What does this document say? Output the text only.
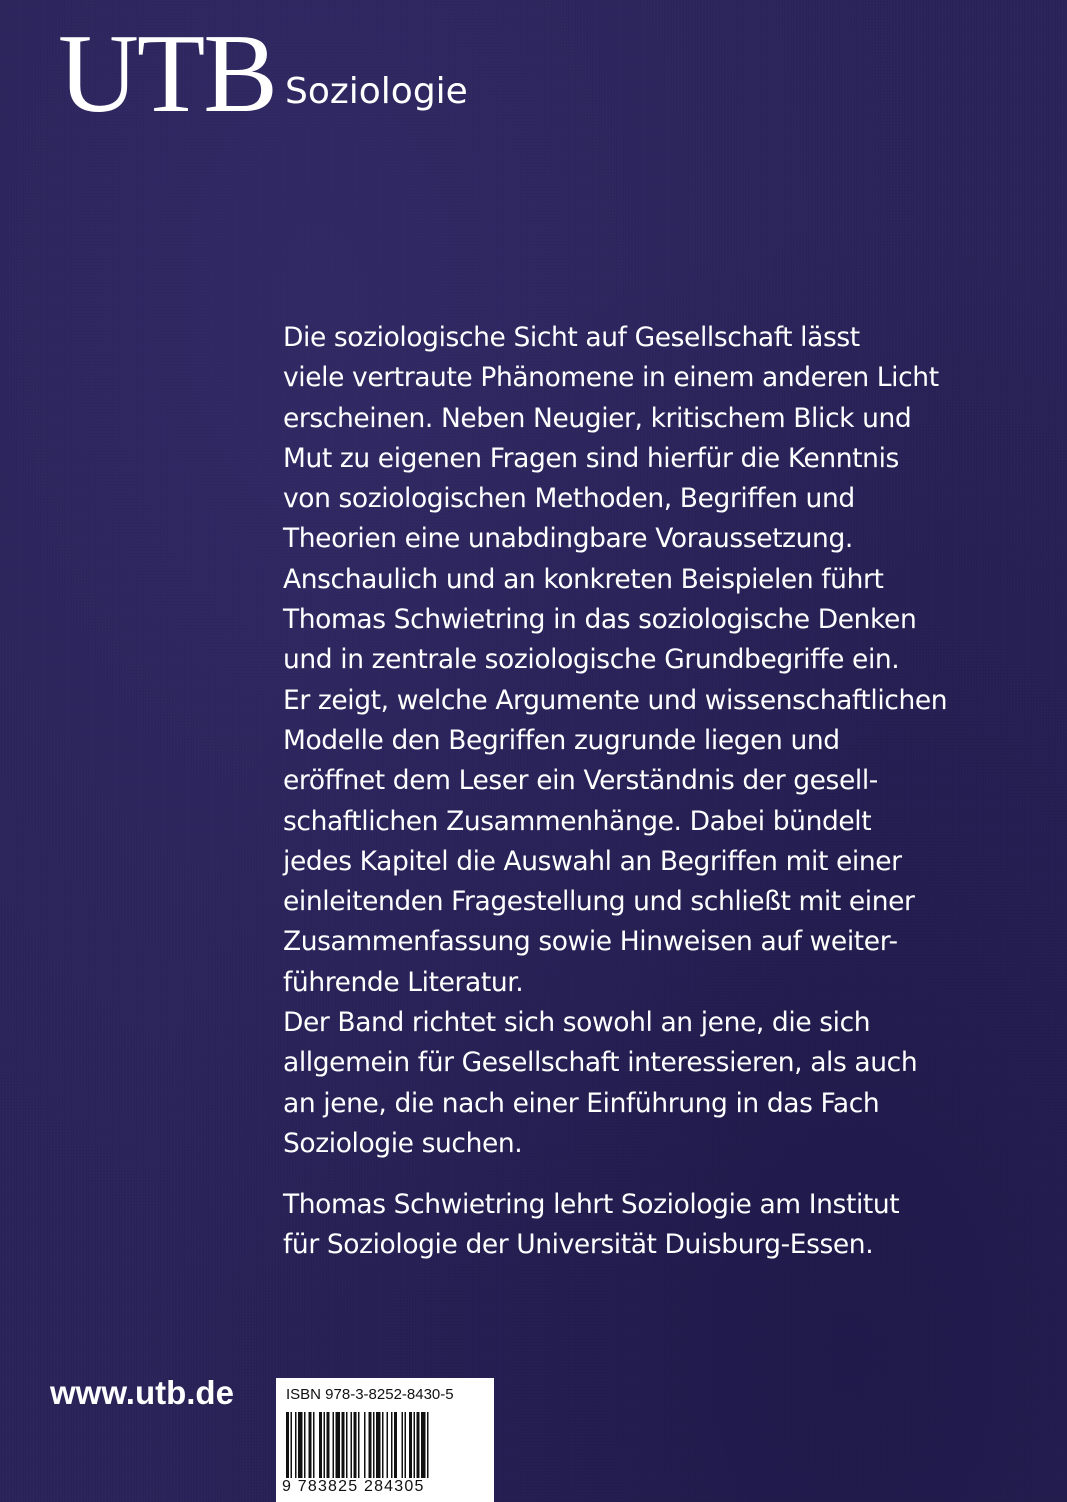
UTB Soziologie
Die soziologische Sicht auf Gesellschaft lässt
viele vertraute Phänomene in einem anderen Licht
erscheinen. Neben Neugier, kritischem Blick und
Mut zu eigenen Fragen sind hierfür die Kenntnis
von soziologischen Methoden, Begriffen und
Theorien eine unabdingbare Voraussetzung.
Anschaulich und an konkreten Beispielen führt
Thomas Schwietring in das soziologische Denken
und in zentrale soziologische Grundbegriffe ein.
Er zeigt, welche Argumente und wissenschaftlichen
Modelle den Begriffen zugrunde liegen und
eröffnet dem Leser ein Verständnis der gesell-
schaftlichen Zusammenhänge. Dabei bündelt
jedes Kapitel die Auswahl an Begriffen mit einer
einleitenden Fragestellung und schließt mit einer
Zusammenfassung sowie Hinweisen auf weiter-
führende Literatur.
Der Band richtet sich sowohl an jene, die sich
allgemein für Gesellschaft interessieren, als auch
an jene, die nach einer Einführung in das Fach
Soziologie suchen.
Thomas Schwietring lehrt Soziologie am Institut
für Soziologie der Universität Duisburg-Essen.
www.utb.de	ISBN 978-3-8252-8430-5
9 783825 284305
